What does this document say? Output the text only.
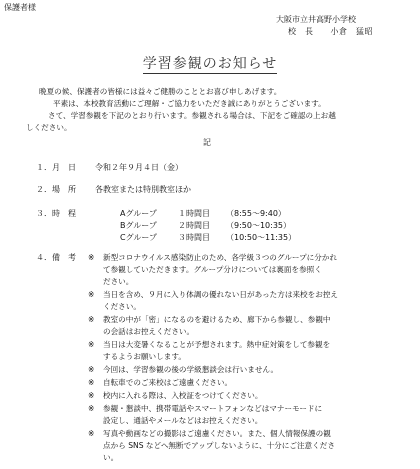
保護者様
大阪市立井高野小学校
校　長　　小倉　猛昭
学習参観のお知らせ
晩夏の候、保護者の皆様には益々ご健勝のこととお喜び申しあげます。
平素は、本校教育活動にご理解・ご協力をいただき誠にありがとうございます。
さて、学習参観を下記のとおり行います。参観される場合は、下記をご確認の上お越
しください。
記
１．月　日 令和２年９月４日（金）
２．場　所 各教室または特別教室ほか
３．時　程	Aグループ	１時間目 （8:55～9:40）
Bグループ	２時間目 （9:50～10:35）
Cグループ	３時間目 （10:50～11:35）
４．備　考 ※ 新型コロナウイルス感染防止のため、各学級３つのグループに分かれ
て参観していただきます。グループ分けについては裏面を参照く
ださい。
※ 当日を含め、９月に入り体調の優れない日があった方は来校をお控え
ください。
※ 教室の中が「密」になるのを避けるため、廊下から参観し、参観中
の会話はお控えください。
※ 当日は大変暑くなることが予想されます。熱中症対策をして参観を
するようお願いします。
※ 今回は、学習参観の後の学級懇談会は行いません。
※ 自転車でのご来校はご遠慮ください。
※ 校内に入れる際は、入校証をつけてください。
※ 参観・懇談中、携帯電話やスマートフォンなどはマナーモードに
設定し、通話やメールなどはお控えください。
※ 写真や動画などの撮影はご遠慮ください。また、個人情報保護の観
点から SNS などへ無断でアップしないように、十分にご注意くださ
い。
